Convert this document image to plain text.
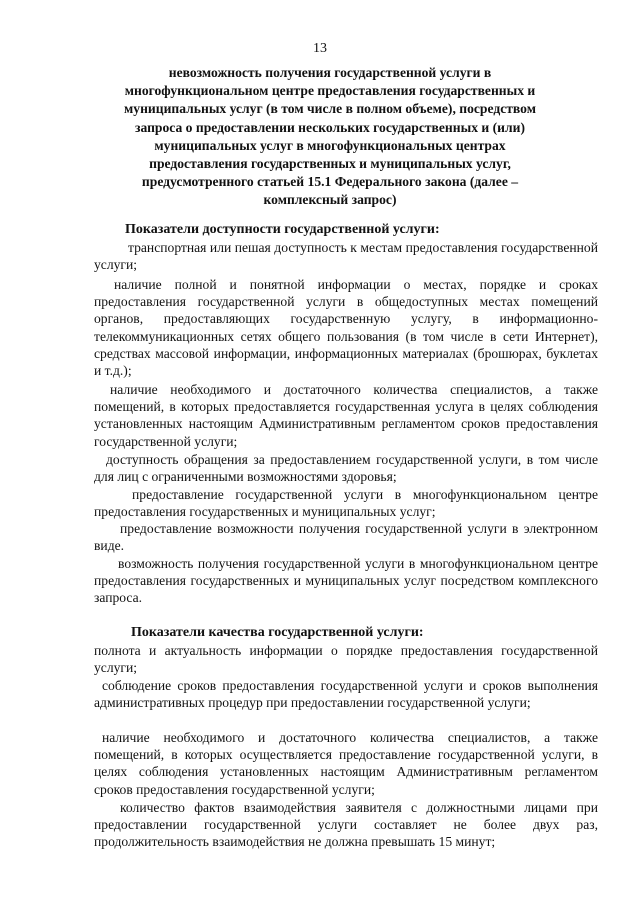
13
невозможность получения государственной услуги в многофункциональном центре предоставления государственных и муниципальных услуг (в том числе в полном объеме), посредством запроса о предоставлении нескольких государственных и (или) муниципальных услуг в многофункциональных центрах предоставления государственных и муниципальных услуг, предусмотренного статьей 15.1 Федерального закона (далее – комплексный запрос)
Показатели доступности государственной услуги:
транспортная или пешая доступность к местам предоставления государственной услуги;
наличие полной и понятной информации о местах, порядке и сроках предоставления государственной услуги в общедоступных местах помещений органов, предоставляющих государственную услугу, в информационно-телекоммуникационных сетях общего пользования (в том числе в сети Интернет), средствах массовой информации, информационных материалах (брошюрах, буклетах и т.д.);
наличие необходимого и достаточного количества специалистов, а также помещений, в которых предоставляется государственная услуга в целях соблюдения установленных настоящим Административным регламентом сроков предоставления государственной услуги;
доступность обращения за предоставлением государственной услуги, в том числе для лиц с ограниченными возможностями здоровья;
предоставление государственной услуги в многофункциональном центре предоставления государственных и муниципальных услуг;
предоставление возможности получения государственной услуги в электронном виде.
возможность получения государственной услуги в многофункциональном центре предоставления государственных и муниципальных услуг посредством комплексного запроса.
Показатели качества государственной услуги:
полнота и актуальность информации о порядке предоставления государственной услуги;
соблюдение сроков предоставления государственной услуги и сроков выполнения административных процедур при предоставлении государственной услуги;
наличие необходимого и достаточного количества специалистов, а также помещений, в которых осуществляется предоставление государственной услуги, в целях соблюдения установленных настоящим Административным регламентом сроков предоставления государственной услуги;
количество фактов взаимодействия заявителя с должностными лицами при предоставлении государственной услуги составляет не более двух раз, продолжительность взаимодействия не должна превышать 15 минут;
